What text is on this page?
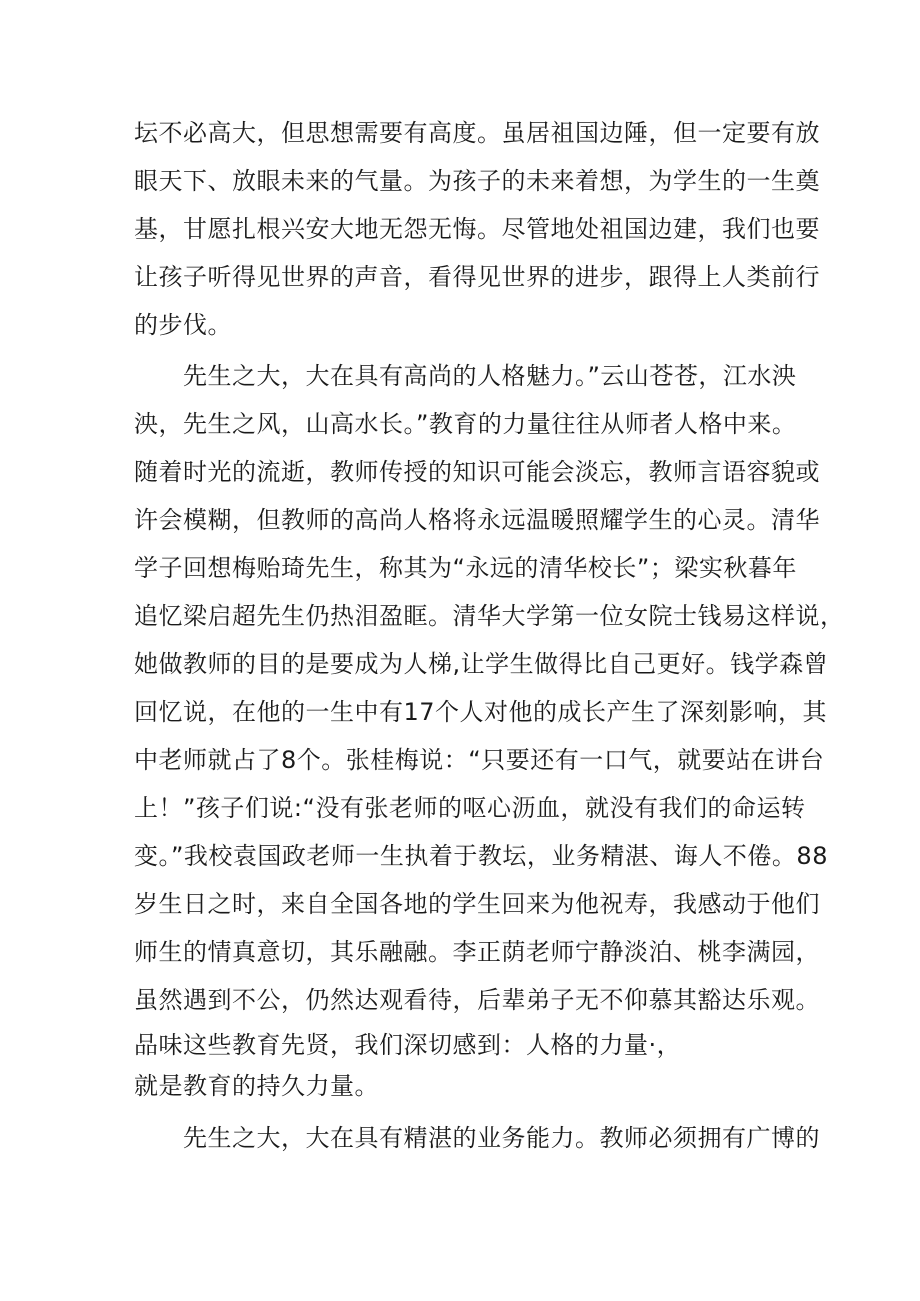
坛不必高大，但思想需要有高度。虽居祖国边陲，但一定要有放
眼天下、放眼未来的气量。为孩子的未来着想，为学生的一生奠
基，甘愿扎根兴安大地无怨无悔。尽管地处祖国边建，我们也要
让孩子听得见世界的声音，看得见世界的进步，跟得上人类前行
的步伐。
先生之大，大在具有高尚的人格魅力。”云山苍苍，江水泱
泱，先生之风，山高水长。”教育的力量往往从师者人格中来。
随着时光的流逝，教师传授的知识可能会淡忘，教师言语容貌或
许会模糊，但教师的高尚人格将永远温暖照耀学生的心灵。清华
学子回想梅贻琦先生，称其为“永远的清华校长”；梁实秋暮年
追忆梁启超先生仍热泪盈眶。清华大学第一位女院士钱易这样说，
她做教师的目的是要成为人梯,让学生做得比自己更好。钱学森曾
回忆说，在他的一生中有17个人对他的成长产生了深刻影响，其
中老师就占了8个。张桂梅说：“只要还有一口气，就要站在讲台
上！”孩子们说:“没有张老师的呕心沥血，就没有我们的命运转
变。”我校袁国政老师一生执着于教坛，业务精湛、诲人不倦。88
岁生日之时，来自全国各地的学生回来为他祝寿，我感动于他们
师生的情真意切，其乐融融。李正荫老师宁静淡泊、桃李满园，
虽然遇到不公，仍然达观看待，后辈弟子无不仰慕其豁达乐观。
品味这些教育先贤，我们深切感到：人格的力量·，
就是教育的持久力量。
先生之大，大在具有精湛的业务能力。教师必须拥有广博的
